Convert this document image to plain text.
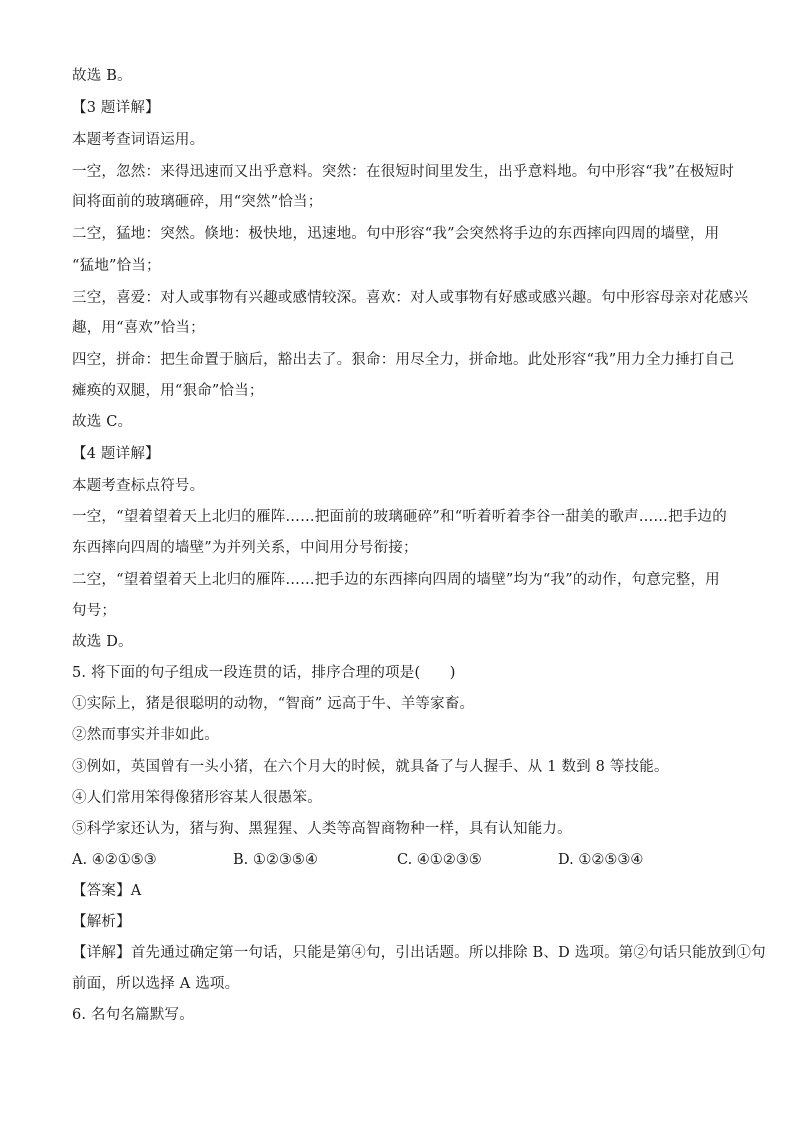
故选 B。
【3 题详解】
本题考查词语运用。
一空，忽然：来得迅速而又出乎意料。突然：在很短时间里发生，出乎意料地。句中形容“我”在极短时
间将面前的玻璃砸碎，用“突然”恰当；
二空，猛地：突然。倏地：极快地，迅速地。句中形容“我”会突然将手边的东西摔向四周的墙壁，用
“猛地”恰当；
三空，喜爱：对人或事物有兴趣或感情较深。喜欢：对人或事物有好感或感兴趣。句中形容母亲对花感兴
趣，用“喜欢”恰当；
四空，拼命：把生命置于脑后，豁出去了。狠命：用尽全力，拼命地。此处形容“我”用力全力捶打自己
瘫痪的双腿，用“狠命”恰当；
故选 C。
【4 题详解】
本题考查标点符号。
一空，“望着望着天上北归的雁阵……把面前的玻璃砸碎”和“听着听着李谷一甜美的歌声……把手边的
东西摔向四周的墙壁”为并列关系，中间用分号衔接；
二空，“望着望着天上北归的雁阵……把手边的东西摔向四周的墙壁”均为“我”的动作，句意完整，用
句号；
故选 D。
5. 将下面的句子组成一段连贯的话，排序合理的项是(　　)
①实际上，猪是很聪明的动物，“智商” 远高于牛、羊等家畜。
②然而事实并非如此。
③例如，英国曾有一头小猪，在六个月大的时候，就具备了与人握手、从 1 数到 8 等技能。
④人们常用笨得像猪形容某人很愚笨。
⑤科学家还认为，猪与狗、黑猩猩、人类等高智商物种一样，具有认知能力。
A. ④②①⑤③	B. ①②③⑤④	C. ④①②③⑤	D. ①②⑤③④
【答案】A
【解析】
【详解】首先通过确定第一句话，只能是第④句，引出话题。所以排除 B、D 选项。第②句话只能放到①句
前面，所以选择 A 选项。
6. 名句名篇默写。
